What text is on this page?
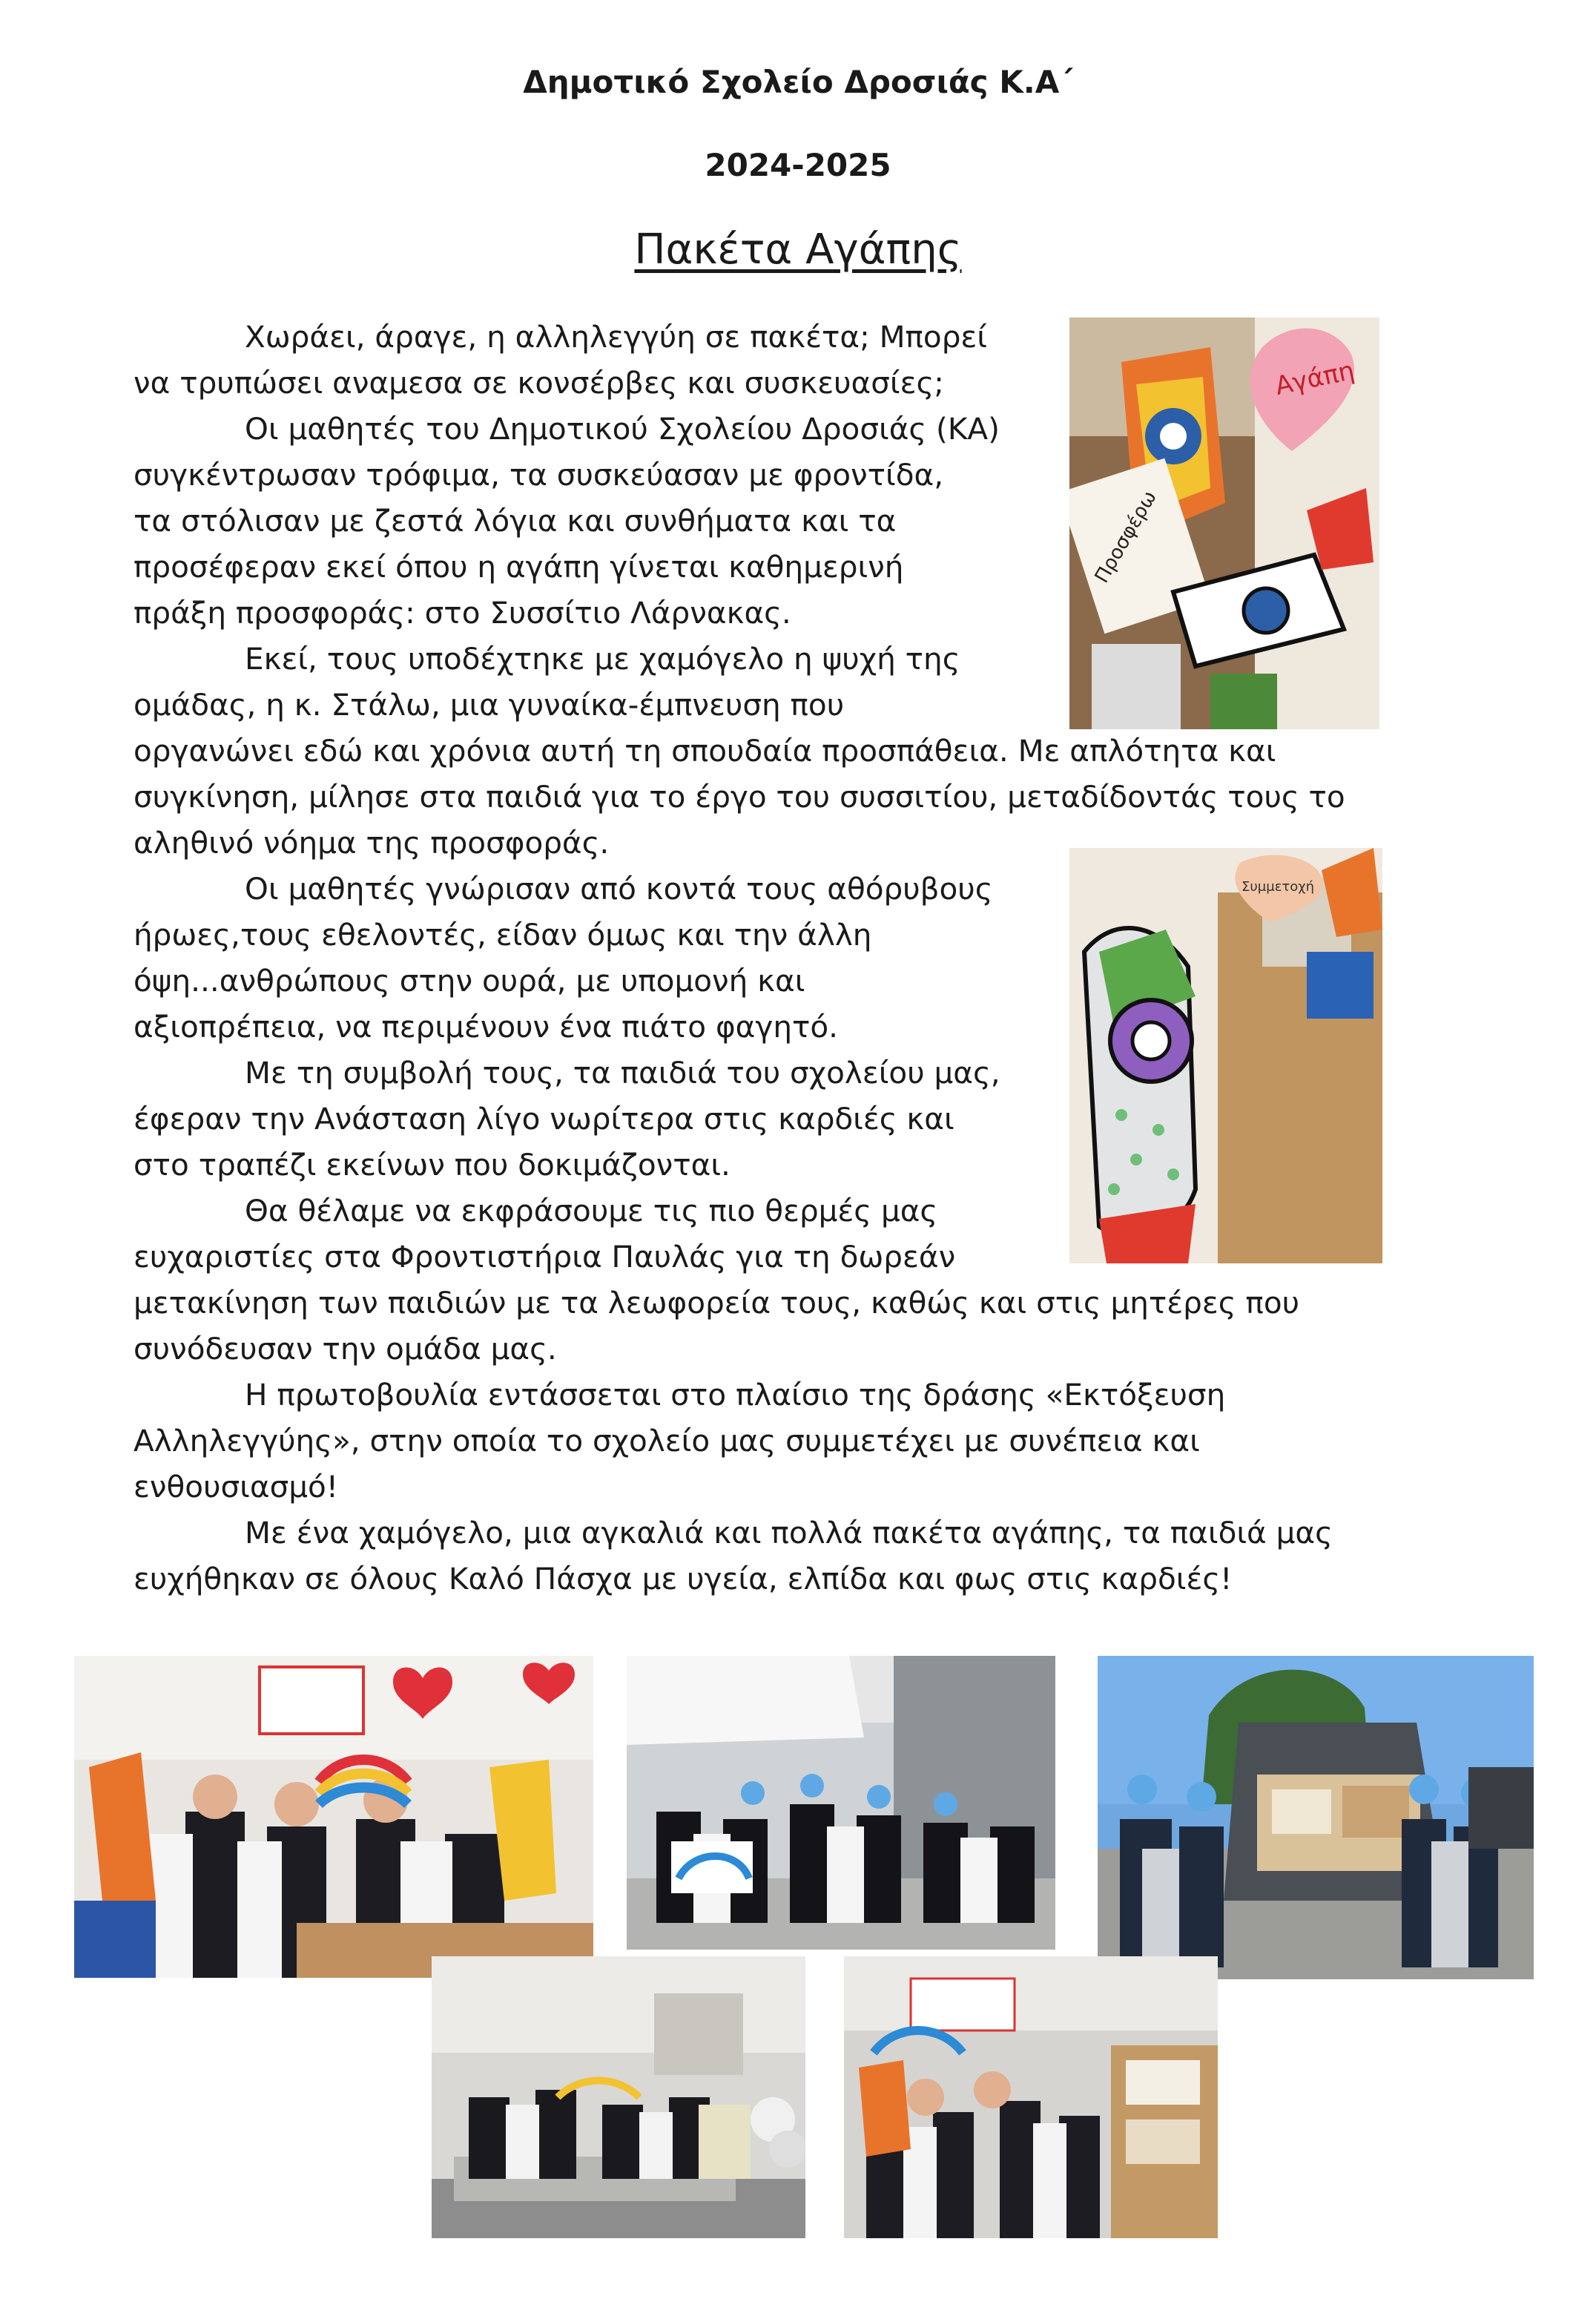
Δημοτικό Σχολείο Δροσιάς Κ.Α΄
2024-2025
Πακέτα Αγάπης
Χωράει, άραγε, η αλληλεγγύη σε πακέτα; Μπορεί
να τρυπώσει αναμεσα σε κονσέρβες και συσκευασίες;
Οι μαθητές του Δημοτικού Σχολείου Δροσιάς (ΚΑ)
συγκέντρωσαν τρόφιμα, τα συσκεύασαν με φροντίδα,
τα στόλισαν με ζεστά λόγια και συνθήματα και τα
προσέφεραν εκεί όπου η αγάπη γίνεται καθημερινή
πράξη προσφοράς: στο Συσσίτιο Λάρνακας.
Εκεί, τους υποδέχτηκε με χαμόγελο η ψυχή της
ομάδας, η κ. Στάλω, μια γυναίκα-έμπνευση που
οργανώνει εδώ και χρόνια αυτή τη σπουδαία προσπάθεια. Με απλότητα και
συγκίνηση, μίλησε στα παιδιά για το έργο του συσσιτίου, μεταδίδοντάς τους το
αληθινό νόημα της προσφοράς.
Οι μαθητές γνώρισαν από κοντά τους αθόρυβους
ήρωες,τους εθελοντές, είδαν όμως και την άλλη
όψη...ανθρώπους στην ουρά, με υπομονή και
αξιοπρέπεια, να περιμένουν ένα πιάτο φαγητό.
Με τη συμβολή τους, τα παιδιά του σχολείου μας,
έφεραν την Ανάσταση λίγο νωρίτερα στις καρδιές και
στο τραπέζι εκείνων που δοκιμάζονται.
Θα θέλαμε να εκφράσουμε τις πιο θερμές μας
ευχαριστίες στα Φροντιστήρια Παυλάς για τη δωρεάν
μετακίνηση των παιδιών με τα λεωφορεία τους, καθώς και στις μητέρες που
συνόδευσαν την ομάδα μας.
Η πρωτοβουλία εντάσσεται στο πλαίσιο της δράσης «Εκτόξευση
Αλληλεγγύης», στην οποία το σχολείο μας συμμετέχει με συνέπεια και
ενθουσιασμό!
Με ένα χαμόγελο, μια αγκαλιά και πολλά πακέτα αγάπης, τα παιδιά μας
ευχήθηκαν σε όλους Καλό Πάσχα με υγεία, ελπίδα και φως στις καρδιές!
Αγάπη
Προσφέρω
Συμμετοχή
